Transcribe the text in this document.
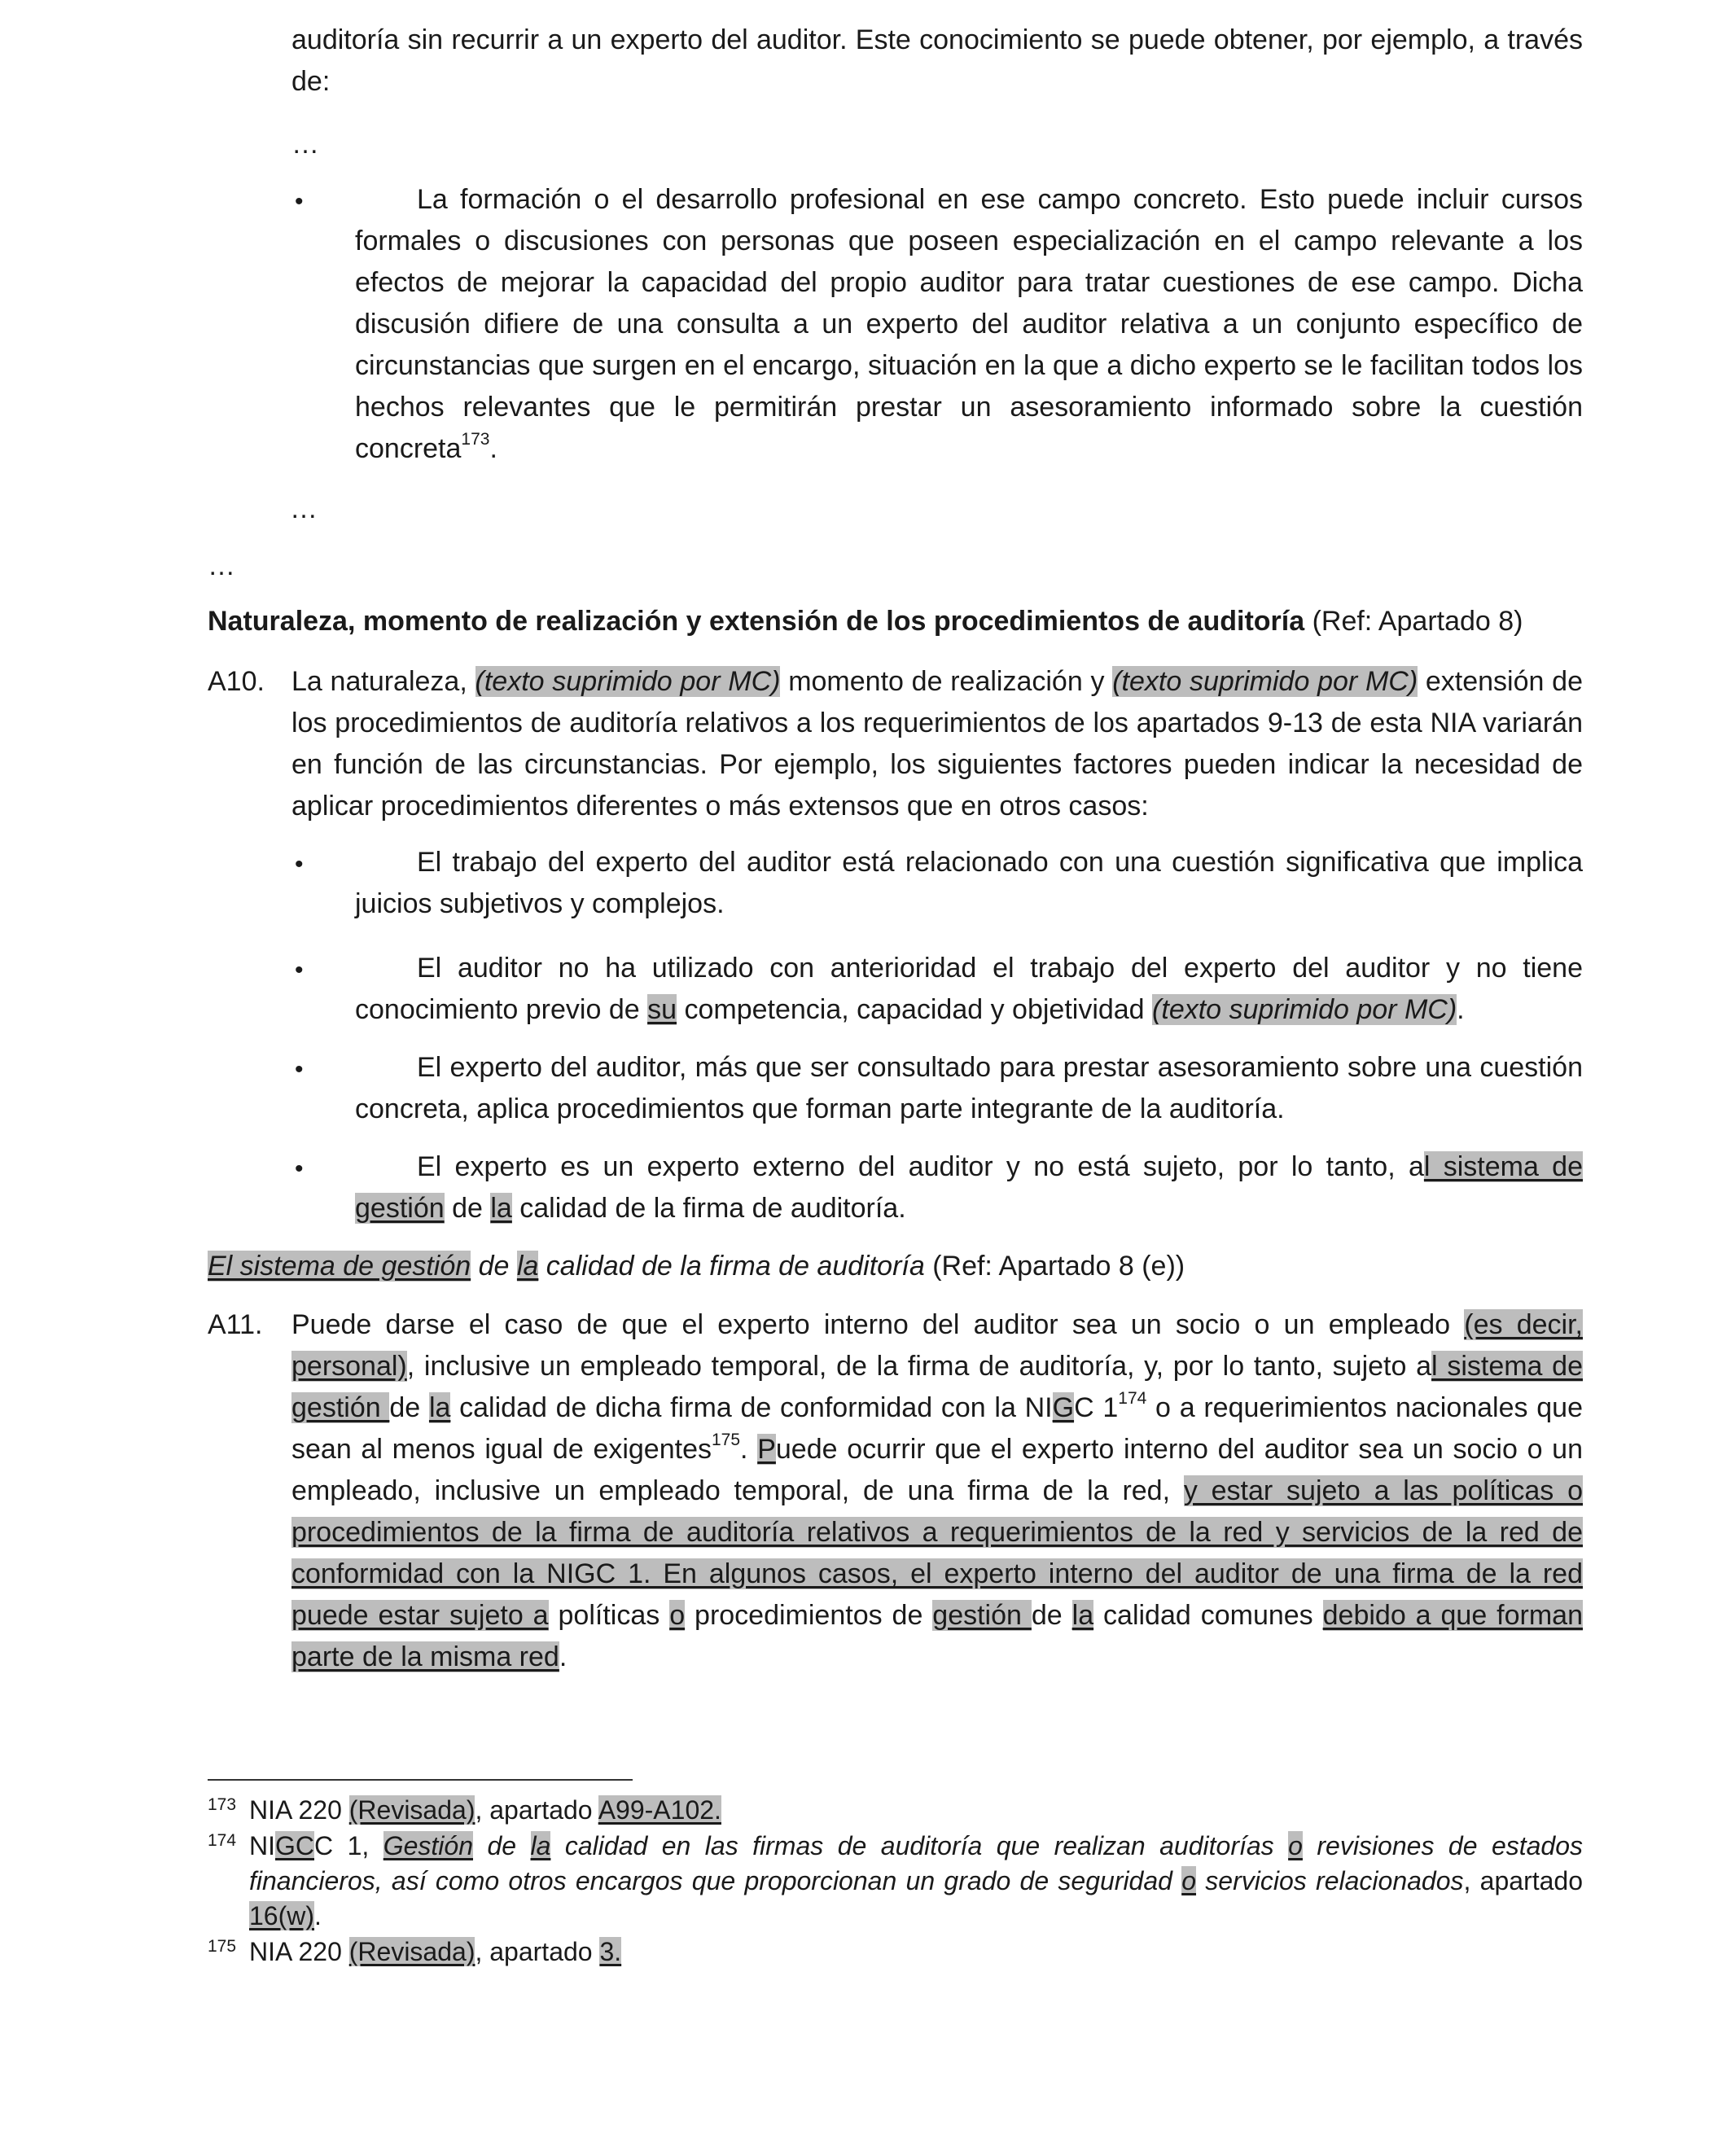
auditoría sin recurrir a un experto del auditor. Este conocimiento se puede obtener, por ejemplo, a través de:

…
•	La formación o el desarrollo profesional en ese campo concreto. Esto puede incluir cursos formales o discusiones con personas que poseen especialización en el campo relevante a los efectos de mejorar la capacidad del propio auditor para tratar cuestiones de ese campo. Dicha discusión difiere de una consulta a un experto del auditor relativa a un conjunto específico de circunstancias que surgen en el encargo, situación en la que a dicho experto se le facilitan todos los hechos relevantes que le permitirán prestar un asesoramiento informado sobre la cuestión concreta$^{173}$.

…
…

Naturaleza, momento de realización y extensión de los procedimientos de auditoría (Ref: Apartado 8)

A10. La naturaleza, (texto suprimido por MC) momento de realización y (texto suprimido por MC) extensión de los procedimientos de auditoría relativos a los requerimientos de los apartados 9-13 de esta NIA variarán en función de las circunstancias. Por ejemplo, los siguientes factores pueden indicar la necesidad de aplicar procedimientos diferentes o más extensos que en otros casos:

•	El trabajo del experto del auditor está relacionado con una cuestión significativa que implica juicios subjetivos y complejos.

•	El auditor no ha utilizado con anterioridad el trabajo del experto del auditor y no tiene conocimiento previo de su competencia, capacidad y objetividad (texto suprimido por MC).

•	El experto del auditor, más que ser consultado para prestar asesoramiento sobre una cuestión concreta, aplica procedimientos que forman parte integrante de la auditoría.

•	El experto es un experto externo del auditor y no está sujeto, por lo tanto, al sistema de gestión de la calidad de la firma de auditoría.

El sistema de gestión de la calidad de la firma de auditoría (Ref: Apartado 8 (e))

A11. Puede darse el caso de que el experto interno del auditor sea un socio o un empleado (es decir, personal), inclusive un empleado temporal, de la firma de auditoría, y, por lo tanto, sujeto al sistema de gestión de la calidad de dicha firma de conformidad con la NIGC $1^{174}$ o a requerimientos nacionales que sean al menos igual de exigentes$^{175}$. Puede ocurrir que el experto interno del auditor sea un socio o un empleado, inclusive un empleado temporal, de una firma de la red, y estar sujeto a las políticas o procedimientos de la firma de auditoría relativos a requerimientos de la red y servicios de la red de conformidad con la NIGC 1. En algunos casos, el experto interno del auditor de una firma de la red puede estar sujeto a políticas o procedimientos de gestión de la calidad comunes debido a que forman parte de la misma red.

173 NIA 220 (Revisada), apartado A99-A102.

174 NIGCC 1, Gestión de la calidad en las firmas de auditoría que realizan auditorías o revisiones de estados financieros, así como otros encargos que proporcionan un grado de seguridad o servicios relacionados, apartado 16(w).

175 NIA 220 (Revisada), apartado 3.
